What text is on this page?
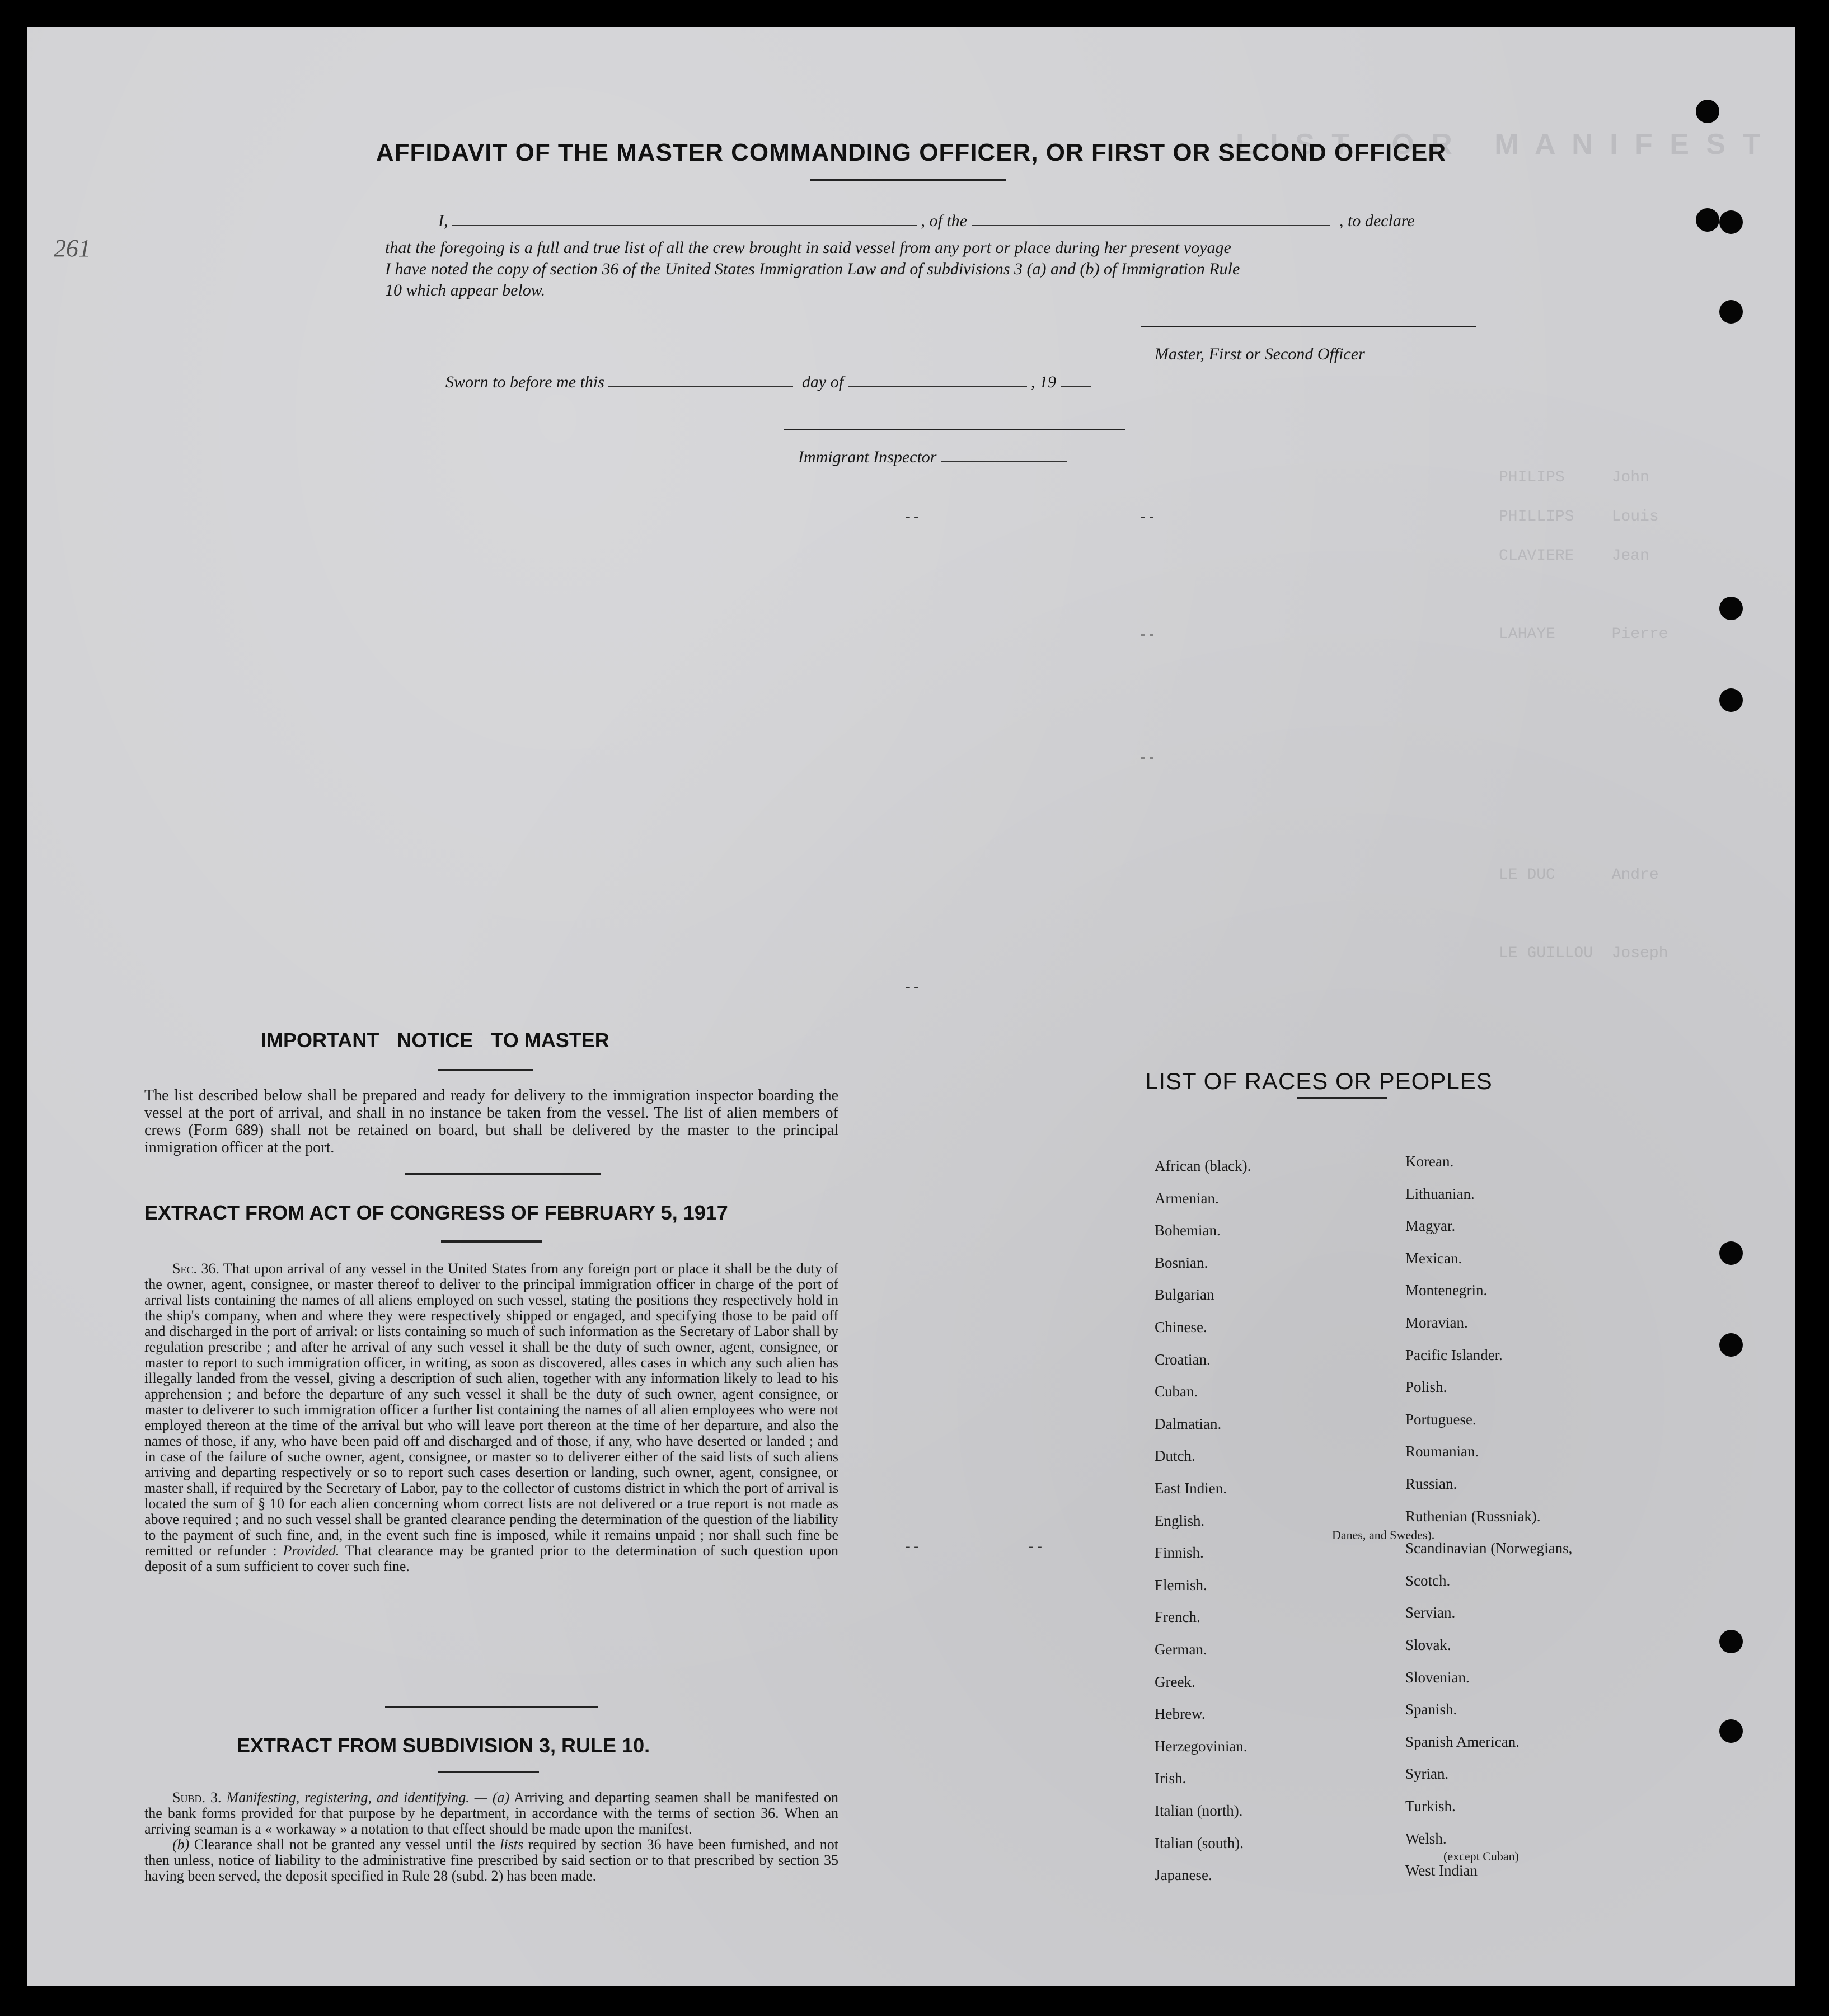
L I S T   O R   M A N I F E S T
PHILIPS     John
PHILLIPS    Louis
CLAVIERE    Jean
LAHAYE      Pierre
LE DUC      Andre
LE GUILLOU  Joseph
261
AFFIDAVIT OF THE MASTER COMMANDING OFFICER, OR FIRST OR SECOND OFFICER
I,	, of the	, to declare
that the foregoing is a full and true list of all the crew brought in said vessel from any port or place during her present voyage
I have noted the copy of section 36 of the United States Immigration Law and of subdivisions 3 (a) and (b) of Immigration Rule
10 which appear below.
Master, First or Second Officer
Sworn to before me this	day of	, 19
Immigrant Inspector
- -	- -
- -
- -
- -
- -	- -
IMPORTANT NOTICE TO MASTER
The list described below shall be prepared and ready for delivery to the immigration inspector boarding the vessel at the port of arrival, and shall in no instance be taken from the vessel. The list of alien members of crews (Form 689) shall not be retained on board, but shall be delivered by the master to the principal inmigration officer at the port.
EXTRACT FROM ACT OF CONGRESS OF FEBRUARY 5, 1917

Sec. 36. That upon arrival of any vessel in the United States from any foreign port or place it shall be the duty of the owner, agent, consignee, or master thereof to deliver to the principal immigration officer in charge of the port of arrival lists containing the names of all aliens employed on such vessel, stating the positions they respectively hold in the ship's company, when and where they were respectively shipped or engaged, and specifying those to be paid off and discharged in the port of arrival: or lists containing so much of such information as the Secretary of Labor shall by regulation prescribe ; and after he arrival of any such vessel it shall be the duty of such owner, agent, consignee, or master to report to such immigration officer, in writing, as soon as discovered, alles cases in which any such alien has illegally landed from the vessel, giving a description of such alien, together with any information likely to lead to his apprehension ; and before the departure of any such vessel it shall be the duty of such owner, agent consignee, or master to deliverer to such immigration officer a further list containing the names of all alien employees who were not employed thereon at the time of the arrival but who will leave port thereon at the time of her departure, and also the names of those, if any, who have been paid off and discharged and of those, if any, who have deserted or landed ; and in case of the failure of suche owner, agent, consignee, or master so to deliverer either of the said lists of such aliens arriving and departing respectively or so to report such cases desertion or landing, such owner, agent, consignee, or master shall, if required by the Secretary of Labor, pay to the collector of customs district in which the port of arrival is located the sum of § 10 for each alien concerning whom correct lists are not delivered or a true report is not made as above required ; and no such vessel shall be granted clearance pending the determination of the question of the liability to the payment of such fine, and, in the event such fine is imposed, while it remains unpaid ; nor shall such fine be remitted or refunder : Provided. That clearance may be granted prior to the determination of such question upon deposit of a sum sufficient to cover such fine.

EXTRACT FROM SUBDIVISION 3, RULE 10.

Subd. 3. Manifesting, registering, and identifying. — (a) Arriving and departing seamen shall be manifested on the bank forms provided for that purpose by he department, in accordance with the terms of section 36. When an arriving seaman is a « workaway » a notation to that effect should be made upon the manifest.

(b) Clearance shall not be granted any vessel until the lists required by section 36 have been furnished, and not then unless, notice of liability to the administrative fine prescribed by said section or to that prescribed by section 35 having been served, the deposit specified in Rule 28 (subd. 2) has been made.

LIST OF RACES OR PEOPLES
Danes, and Swedes).
(except Cuban)
African (black).
Armenian.
Bohemian.
Bosnian.
Bulgarian
Chinese.
Croatian.
Cuban.
Dalmatian.
Dutch.
East Indien.
English.
Finnish.
Flemish.
French.
German.
Greek.
Hebrew.
Herzegovinian.
Irish.
Italian (north).
Italian (south).
Japanese.
Korean.
Lithuanian.
Magyar.
Mexican.
Montenegrin.
Moravian.
Pacific Islander.
Polish.
Portuguese.
Roumanian.
Russian.
Ruthenian (Russniak).
Scandinavian (Norwegians,
Scotch.
Servian.
Slovak.
Slovenian.
Spanish.
Spanish American.
Syrian.
Turkish.
Welsh.
West Indian
